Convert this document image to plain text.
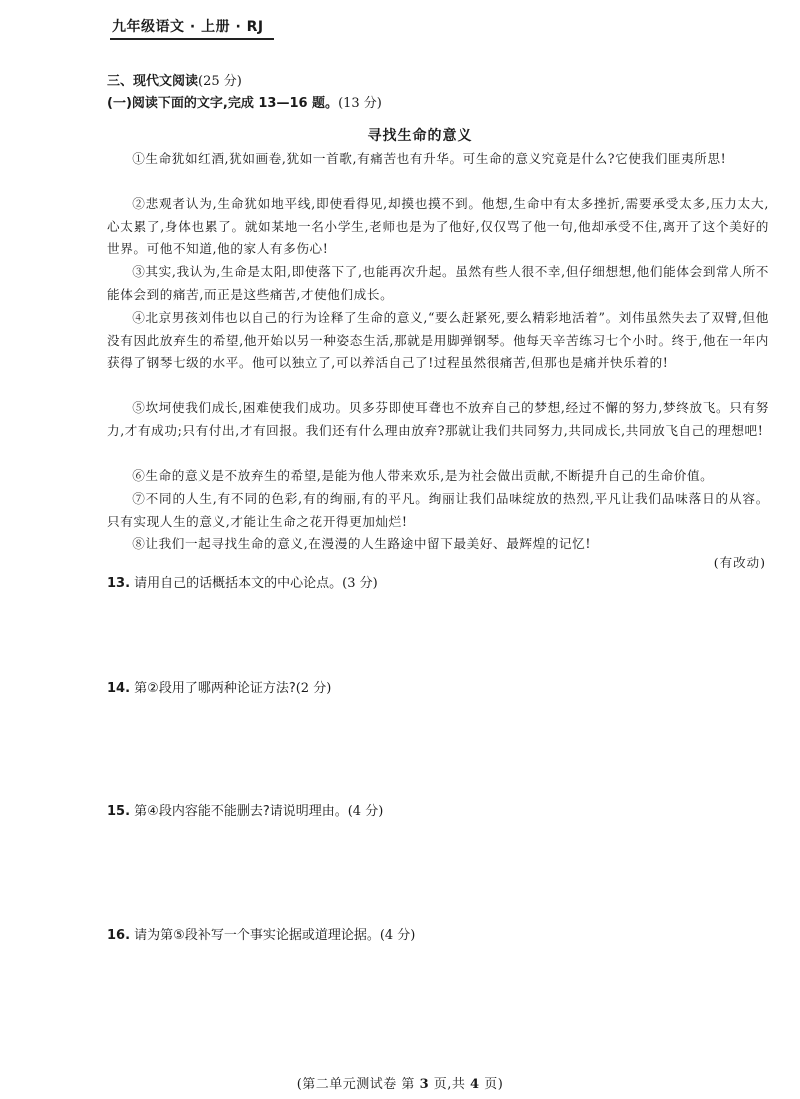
九年级语文 · 上册 · RJ
三、现代文阅读(25 分)
(一)阅读下面的文字,完成 13—16 题。(13 分)
寻找生命的意义

①生命犹如红酒,犹如画卷,犹如一首歌,有痛苦也有升华。可生命的意义究竟是什么?它使我们匪夷所思!

②悲观者认为,生命犹如地平线,即使看得见,却摸也摸不到。他想,生命中有太多挫折,需要承受太多,压力太大,心太累了,身体也累了。就如某地一名小学生,老师也是为了他好,仅仅骂了他一句,他却承受不住,离开了这个美好的世界。可他不知道,他的家人有多伤心!

③其实,我认为,生命是太阳,即使落下了,也能再次升起。虽然有些人很不幸,但仔细想想,他们能体会到常人所不能体会到的痛苦,而正是这些痛苦,才使他们成长。

④北京男孩刘伟也以自己的行为诠释了生命的意义,“要么赶紧死,要么精彩地活着”。刘伟虽然失去了双臂,但他没有因此放弃生的希望,他开始以另一种姿态生活,那就是用脚弹钢琴。他每天辛苦练习七个小时。终于,他在一年内获得了钢琴七级的水平。他可以独立了,可以养活自己了!过程虽然很痛苦,但那也是痛并快乐着的!

⑤坎坷使我们成长,困难使我们成功。贝多芬即使耳聋也不放弃自己的梦想,经过不懈的努力,梦终放飞。只有努力,才有成功;只有付出,才有回报。我们还有什么理由放弃?那就让我们共同努力,共同成长,共同放飞自己的理想吧!

⑥生命的意义是不放弃生的希望,是能为他人带来欢乐,是为社会做出贡献,不断提升自己的生命价值。

⑦不同的人生,有不同的色彩,有的绚丽,有的平凡。绚丽让我们品味绽放的热烈,平凡让我们品味落日的从容。只有实现人生的意义,才能让生命之花开得更加灿烂!

⑧让我们一起寻找生命的意义,在漫漫的人生路途中留下最美好、最辉煌的记忆!

(有改动)
13. 请用自己的话概括本文的中心论点。(3 分)
14. 第②段用了哪两种论证方法?(2 分)
15. 第④段内容能不能删去?请说明理由。(4 分)
16. 请为第⑤段补写一个事实论据或道理论据。(4 分)
(第二单元测试卷 第 3 页,共 4 页)
